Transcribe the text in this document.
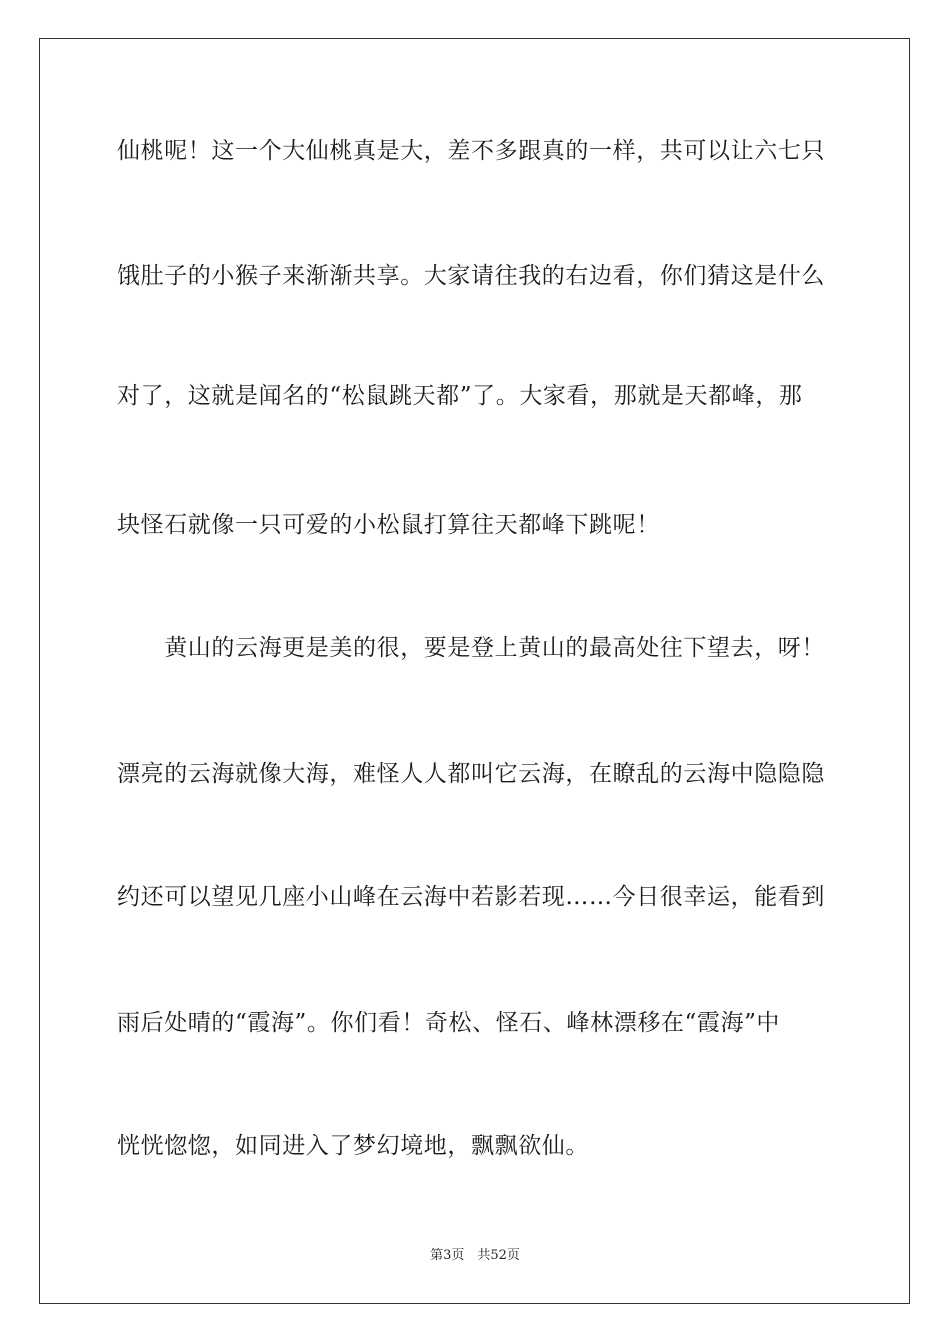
仙桃呢！这一个大仙桃真是大，差不多跟真的一样，共可以让六七只
饿肚子的小猴子来渐渐共享。大家请往我的右边看，你们猜这是什么
对了，这就是闻名的“松鼠跳天都”了。大家看，那就是天都峰，那
块怪石就像一只可爱的小松鼠打算往天都峰下跳呢！
　　黄山的云海更是美的很，要是登上黄山的最高处往下望去，呀！
漂亮的云海就像大海，难怪人人都叫它云海，在瞭乱的云海中隐隐隐
约还可以望见几座小山峰在云海中若影若现……今日很幸运，能看到
雨后处晴的“霞海”。你们看！奇松、怪石、峰林漂移在“霞海”中
恍恍惚惚，如同进入了梦幻境地，飘飘欲仙。
第3页　共52页
